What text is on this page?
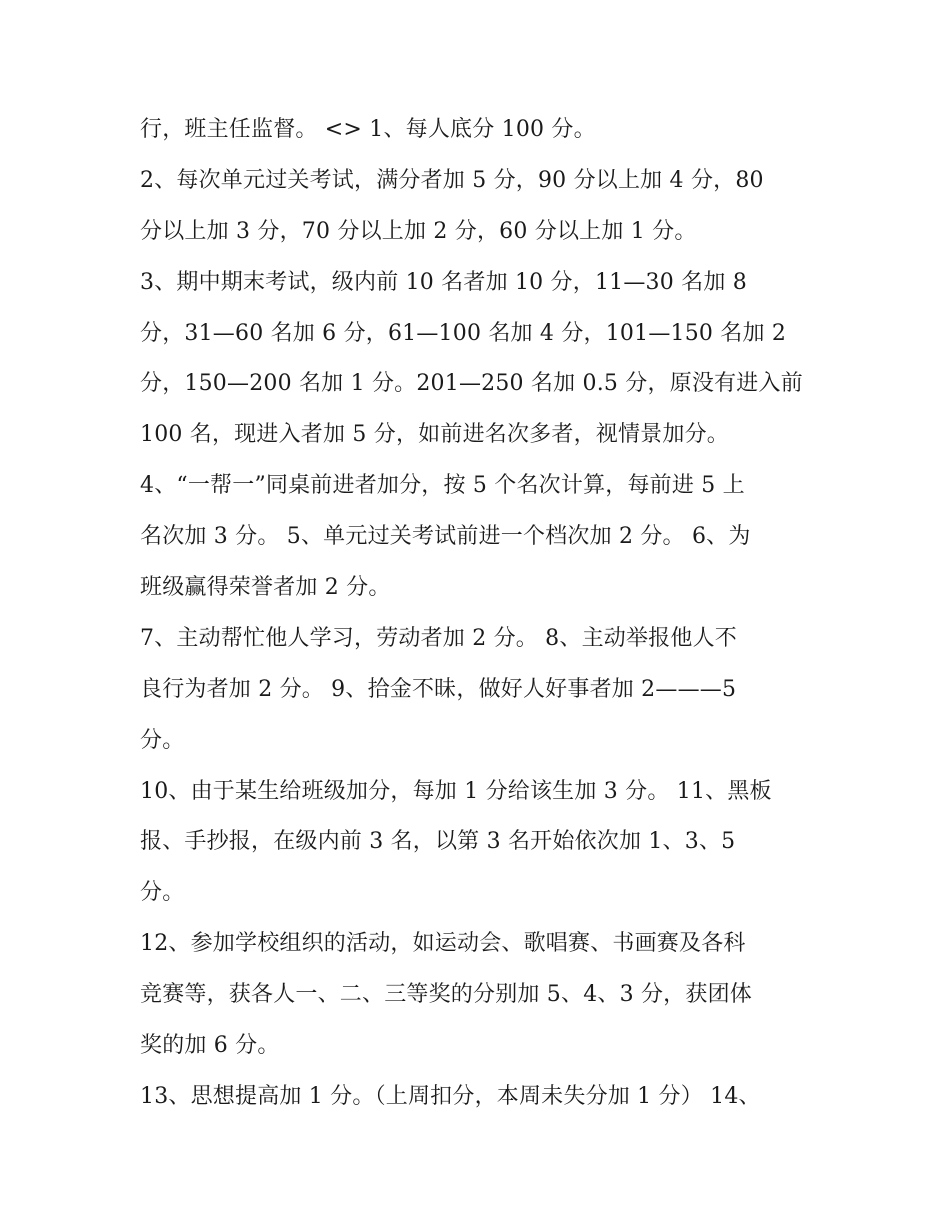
行，班主任监督。 <> 1、每人底分 100 分。
2、每次单元过关考试，满分者加 5 分，90 分以上加 4 分，80
分以上加 3 分，70 分以上加 2 分，60 分以上加 1 分。
3、期中期末考试，级内前 10 名者加 10 分，11—30 名加 8
分，31—60 名加 6 分，61—100 名加 4 分，101—150 名加 2
分，150—200 名加 1 分。201—250 名加 0.5 分，原没有进入前
100 名，现进入者加 5 分，如前进名次多者，视情景加分。
4、“一帮一”同桌前进者加分，按 5 个名次计算，每前进 5 上
名次加 3 分。 5、单元过关考试前进一个档次加 2 分。 6、为
班级赢得荣誉者加 2 分。
7、主动帮忙他人学习，劳动者加 2 分。 8、主动举报他人不
良行为者加 2 分。 9、拾金不昧，做好人好事者加 2———5
分。
10、由于某生给班级加分，每加 1 分给该生加 3 分。 11、黑板
报、手抄报，在级内前 3 名，以第 3 名开始依次加 1、3、5
分。
12、参加学校组织的活动，如运动会、歌唱赛、书画赛及各科
竞赛等，获各人一、二、三等奖的分别加 5、4、3 分，获团体
奖的加 6 分。
13、思想提高加 1 分。（上周扣分，本周未失分加 1 分） 14、
